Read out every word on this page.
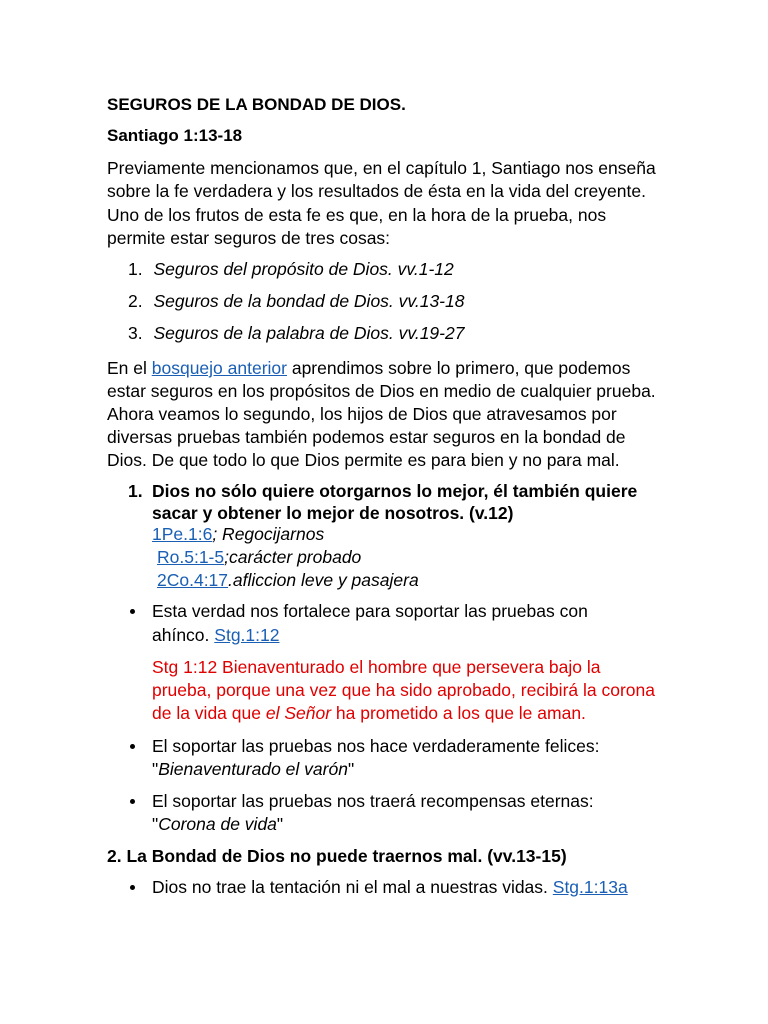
SEGUROS DE LA BONDAD DE DIOS.
Santiago 1:13-18
Previamente mencionamos que, en el capítulo 1, Santiago nos enseña
sobre la fe verdadera y los resultados de ésta en la vida del creyente.
Uno de los frutos de esta fe es que, en la hora de la prueba, nos
permite estar seguros de tres cosas:
1. Seguros del propósito de Dios. vv.1-12
2. Seguros de la bondad de Dios. vv.13-18
3. Seguros de la palabra de Dios. vv.19-27
En el bosquejo anterior aprendimos sobre lo primero, que podemos
estar seguros en los propósitos de Dios en medio de cualquier prueba.
Ahora veamos lo segundo, los hijos de Dios que atravesamos por
diversas pruebas también podemos estar seguros en la bondad de
Dios. De que todo lo que Dios permite es para bien y no para mal.
1. Dios no sólo quiere otorgarnos lo mejor, él también quiere
sacar y obtener lo mejor de nosotros. (v.12)
1Pe.1:6; Regocijarnos
Ro.5:1-5;carácter probado
2Co.4:17.afliccion leve y pasajera
Esta verdad nos fortalece para soportar las pruebas con
ahínco. Stg.1:12
Stg 1:12 Bienaventurado el hombre que persevera bajo la
prueba, porque una vez que ha sido aprobado, recibirá la corona
de la vida que el Señor ha prometido a los que le aman.
El soportar las pruebas nos hace verdaderamente felices:
"Bienaventurado el varón"
El soportar las pruebas nos traerá recompensas eternas:
"Corona de vida"
2. La Bondad de Dios no puede traernos mal. (vv.13-15)
Dios no trae la tentación ni el mal a nuestras vidas. Stg.1:13a
